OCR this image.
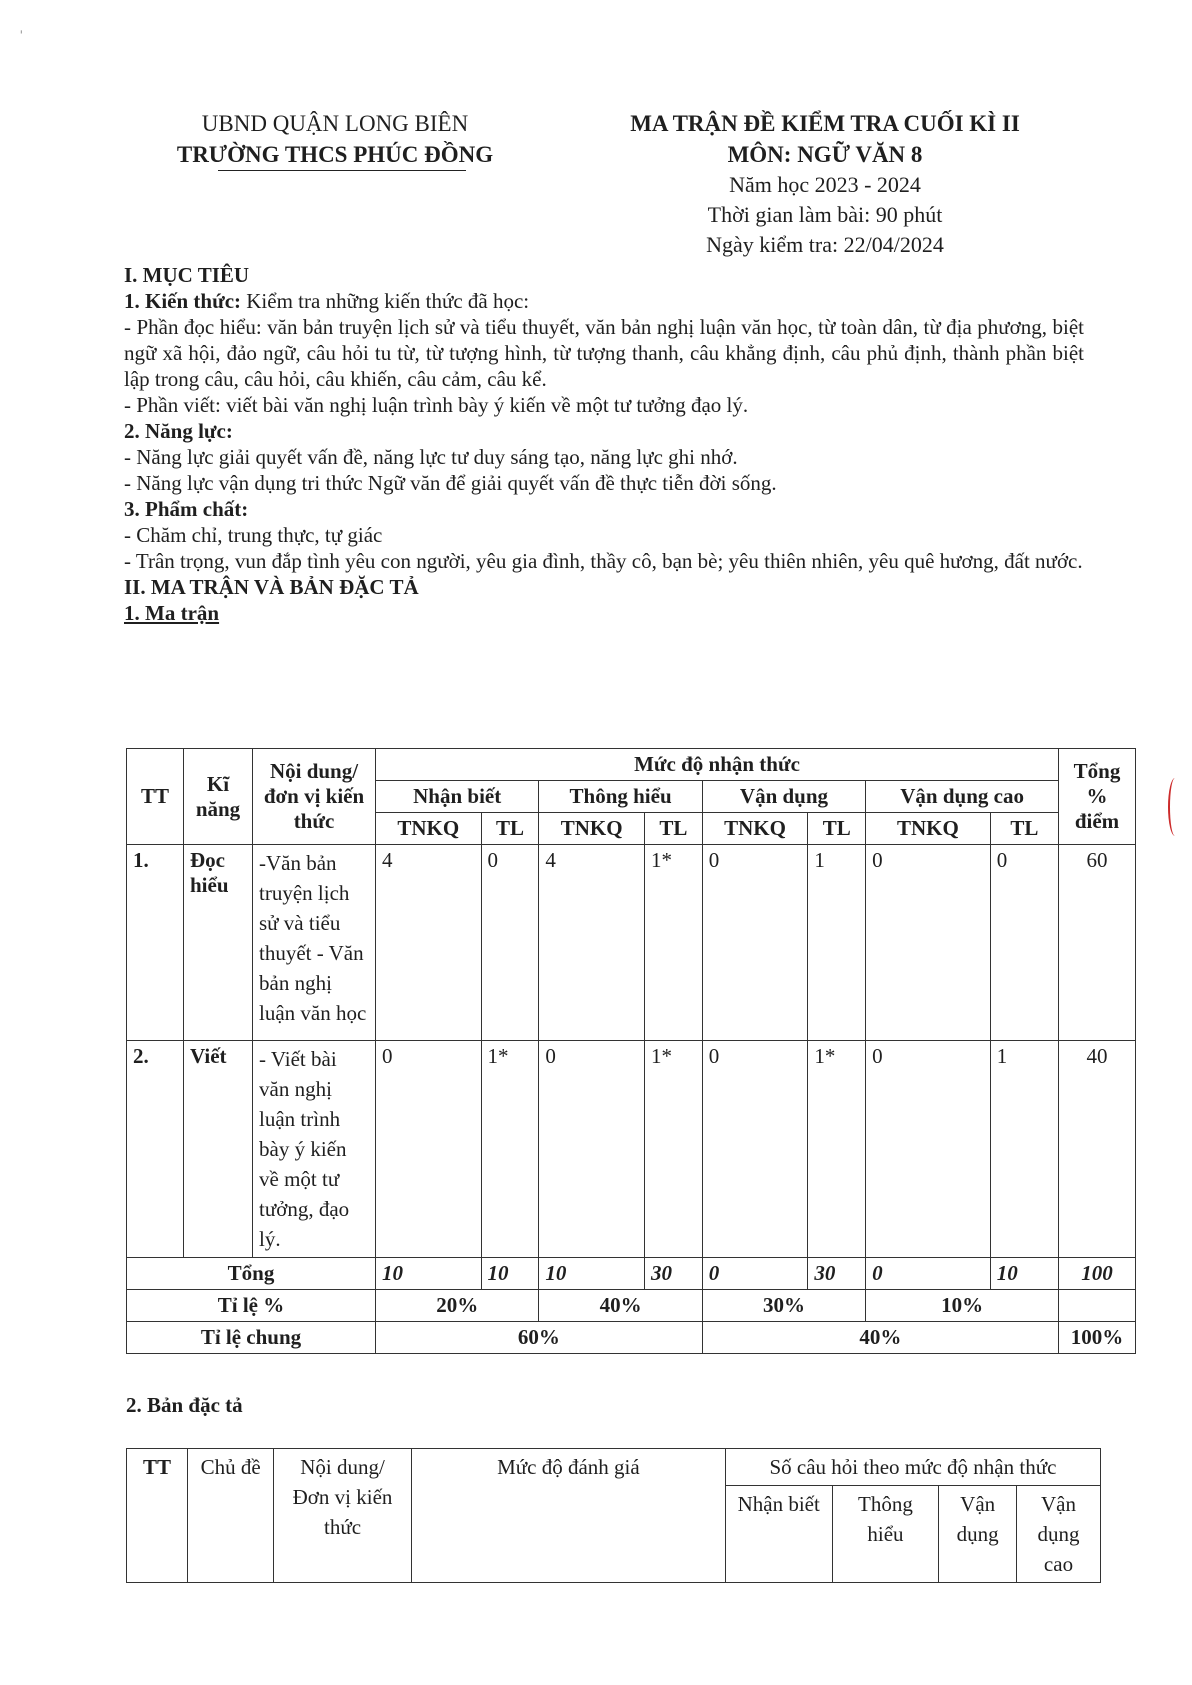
ˌ
UBND QUẬN LONG BIÊN
TRƯỜNG THCS PHÚC ĐỒNG
MA TRẬN ĐỀ KIỂM TRA CUỐI KÌ II
MÔN: NGỮ VĂN 8
Năm học 2023 - 2024
Thời gian làm bài: 90 phút
Ngày kiểm tra: 22/04/2024

I. MỤC TIÊU

1. Kiến thức: Kiểm tra những kiến thức đã học:

- Phần đọc hiểu: văn bản truyện lịch sử và tiểu thuyết, văn bản nghị luận văn học, từ toàn dân, từ địa phương, biệt ngữ xã hội, đảo ngữ, câu hỏi tu từ, từ tượng hình, từ tượng thanh, câu khẳng định, câu phủ định, thành phần biệt lập trong câu, câu hỏi, câu khiến, câu cảm, câu kể.

- Phần viết: viết bài văn nghị luận trình bày ý kiến về một tư tưởng đạo lý.

2. Năng lực:

- Năng lực giải quyết vấn đề, năng lực tư duy sáng tạo, năng lực ghi nhớ.

- Năng lực vận dụng tri thức Ngữ văn để giải quyết vấn đề thực tiễn đời sống.

3. Phẩm chất:

- Chăm chỉ, trung thực, tự giác

- Trân trọng, vun đắp tình yêu con người, yêu gia đình, thầy cô, bạn bè; yêu thiên nhiên, yêu quê hương, đất nước.

II. MA TRẬN VÀ BẢN ĐẶC TẢ

1. Ma trận

TT	Kĩ năng	Nội dung/đơn vị kiến thức	Mức độ nhận thức								Tổng % điểm
			Nhận biết		Thông hiểu		Vận dụng		Vận dụng cao		
			TNKQ	TL	TNKQ	TL	TNKQ	TL	TNKQ	TL	
1.	Đọc hiểu	-Văn bản truyện lịch sử và tiểu thuyết - Văn bản nghị luận văn học	4	0	4	1*	0	1	0	0	60
2.	Viết	- Viết bài văn nghị luận trình bày ý kiến về một tư tưởng, đạo lý.	0	1*	0	1*	0	1*	0	1	40
Tổng			10	10	10	30	0	30	0	10	100
Tỉ lệ %			20%		40%		30%		10%		
Tỉ lệ chung			60%				40%				100%
2. Bản đặc tả
TT	Chủ đề	Nội dung/ Đơn vị kiến thức	Mức độ đánh giá	Số câu hỏi theo mức độ nhận thức			
				Nhận biết	Thông hiểu	Vận dụng	Vận dụng cao
